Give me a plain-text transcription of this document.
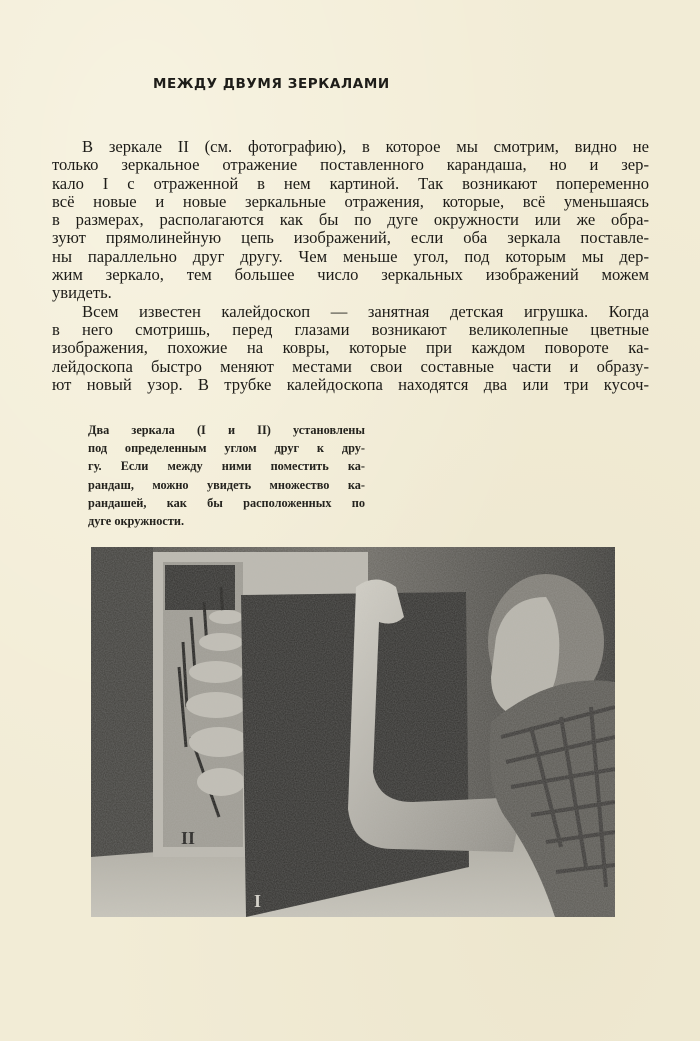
МЕЖДУ ДВУМЯ ЗЕРКАЛАМИ
В зеркале II (см. фотографию), в которое мы смотрим, видно не
только зеркальное отражение поставленного карандаша, но и зер-
кало I с отраженной в нем картиной. Так возникают попеременно
всё новые и новые зеркальные отражения, которые, всё уменьшаясь
в размерах, располагаются как бы по дуге окружности или же обра-
зуют прямолинейную цепь изображений, если оба зеркала поставле-
ны параллельно друг другу. Чем меньше угол, под которым мы дер-
жим зеркало, тем большее число зеркальных изображений можем
увидеть.
Всем известен калейдоскоп — занятная детская игрушка. Когда
в него смотришь, перед глазами возникают великолепные цветные
изображения, похожие на ковры, которые при каждом повороте ка-
лейдоскопа быстро меняют местами свои составные части и образу-
ют новый узор. В трубке калейдоскопа находятся два или три кусоч-
Два зеркала (I и II) установлены
под определенным углом друг к дру-
гу. Если между ними поместить ка-
рандаш, можно увидеть множество ка-
рандашей, как бы расположенных по
дуге окружности.
